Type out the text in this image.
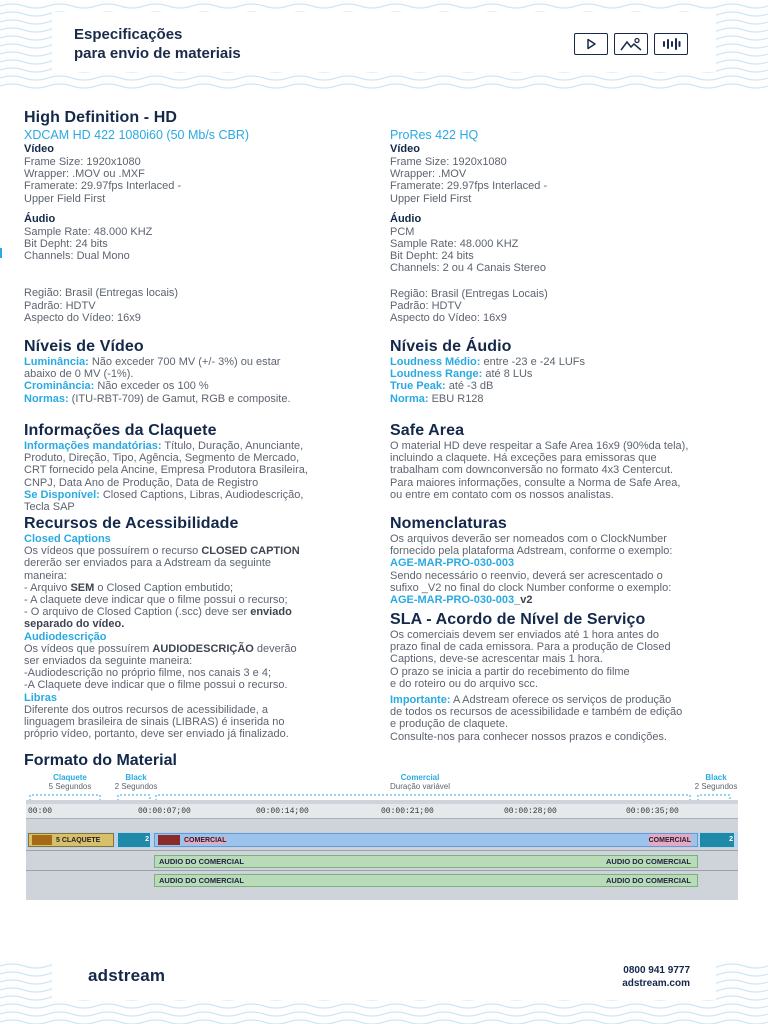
Especificações
para envio de materiais
High Definition - HD
XDCAM HD 422 1080i60 (50 Mb/s CBR)
Vídeo
Frame Size: 1920x1080
Wrapper: .MOV ou .MXF
Framerate: 29.97fps Interlaced -
Upper Field First
Áudio
Sample Rate: 48.000 KHZ
Bit Depht: 24 bits
Channels: Dual Mono
Região: Brasil (Entregas locais)
Padrão: HDTV
Aspecto do Vídeo: 16x9
Níveis de Vídeo
Luminância: Não exceder 700 MV (+/- 3%) ou estar
abaixo de 0 MV (-1%).
Crominância: Não exceder os 100 %
Normas: (ITU-RBT-709) de Gamut, RGB e composite.
Informações da Claquete
Informações mandatórias: Título, Duração, Anunciante,
Produto, Direção, Tipo, Agência, Segmento de Mercado,
CRT fornecido pela Ancine, Empresa Produtora Brasileira,
CNPJ, Data Ano de Produção, Data de Registro
Se Disponível: Closed Captions, Libras, Audiodescrição,
Tecla SAP
Recursos de Acessibilidade
Closed Captions
Os vídeos que possuírem o recurso CLOSED CAPTION
dererão ser enviados para a Adstream da seguinte
maneira:
- Arquivo SEM o Closed Caption embutido;
- A claquete deve indicar que o filme possui o recurso;
- O arquivo de Closed Caption (.scc) deve ser enviado
separado do vídeo.
Audiodescrição
Os vídeos que possuírem AUDIODESCRIÇÃO deverão
ser enviados da seguinte maneira:
-Audiodescrição no próprio filme, nos canais 3 e 4;
-A Claquete deve indicar que o filme possui o recurso.
Libras
Diferente dos outros recursos de acessibilidade, a
linguagem brasileira de sinais (LIBRAS) é inserida no
próprio vídeo, portanto, deve ser enviado já finalizado.
ProRes 422 HQ
Vídeo
Frame Size: 1920x1080
Wrapper: .MOV
Framerate: 29.97fps Interlaced -
Upper Field First
Áudio
PCM
Sample Rate: 48.000 KHZ
Bit Depht: 24 bits
Channels: 2 ou 4 Canais Stereo
Região: Brasil (Entregas Locais)
Padrão: HDTV
Aspecto do Vídeo: 16x9
Níveis de Áudio
Loudness Médio: entre -23 e -24 LUFs
Loudness Range: até 8 LUs
True Peak: até -3 dB
Norma: EBU R128
Safe Area
O material HD deve respeitar a Safe Area 16x9 (90%da tela),
incluindo a claquete. Há exceções para emissoras que
trabalham com downconversão no formato 4x3 Centercut.
Para maiores informações, consulte a Norma de Safe Area,
ou entre em contato com os nossos analistas.
Nomenclaturas
Os arquivos deverão ser nomeados com o ClockNumber
fornecido pela plataforma Adstream, conforme o exemplo:
AGE-MAR-PRO-030-003
Sendo necessário o reenvio, deverá ser acrescentado o
sufixo _V2 no final do clock Number conforme o exemplo:
AGE-MAR-PRO-030-003_v2
SLA - Acordo de Nível de Serviço
Os comerciais devem ser enviados até 1 hora antes do
prazo final de cada emissora. Para a produção de Closed
Captions, deve-se acrescentar mais 1 hora.
O prazo se inicia a partir do recebimento do filme
e do roteiro ou do arquivo scc.
Importante: A Adstream oferece os serviços de produção
de todos os recursos de acessibilidade e também de edição
e produção de claquete.
Consulte-nos para conhecer nossos prazos e condições.
Formato do Material
Claquete
5 Segundos
Black
2 Segundos
Comercial
Duração variável
Black
2 Segundos
00:00	00:00:07;00	00:00:14;00	00:00:21;00	00:00:28;00	00:00:35;00
5 CLAQUETE	2	COMERCIAL	COMERCIAL	2
AUDIO DO COMERCIAL	AUDIO DO COMERCIAL
AUDIO DO COMERCIAL	AUDIO DO COMERCIAL
adstream	0800 941 9777
adstream.com
